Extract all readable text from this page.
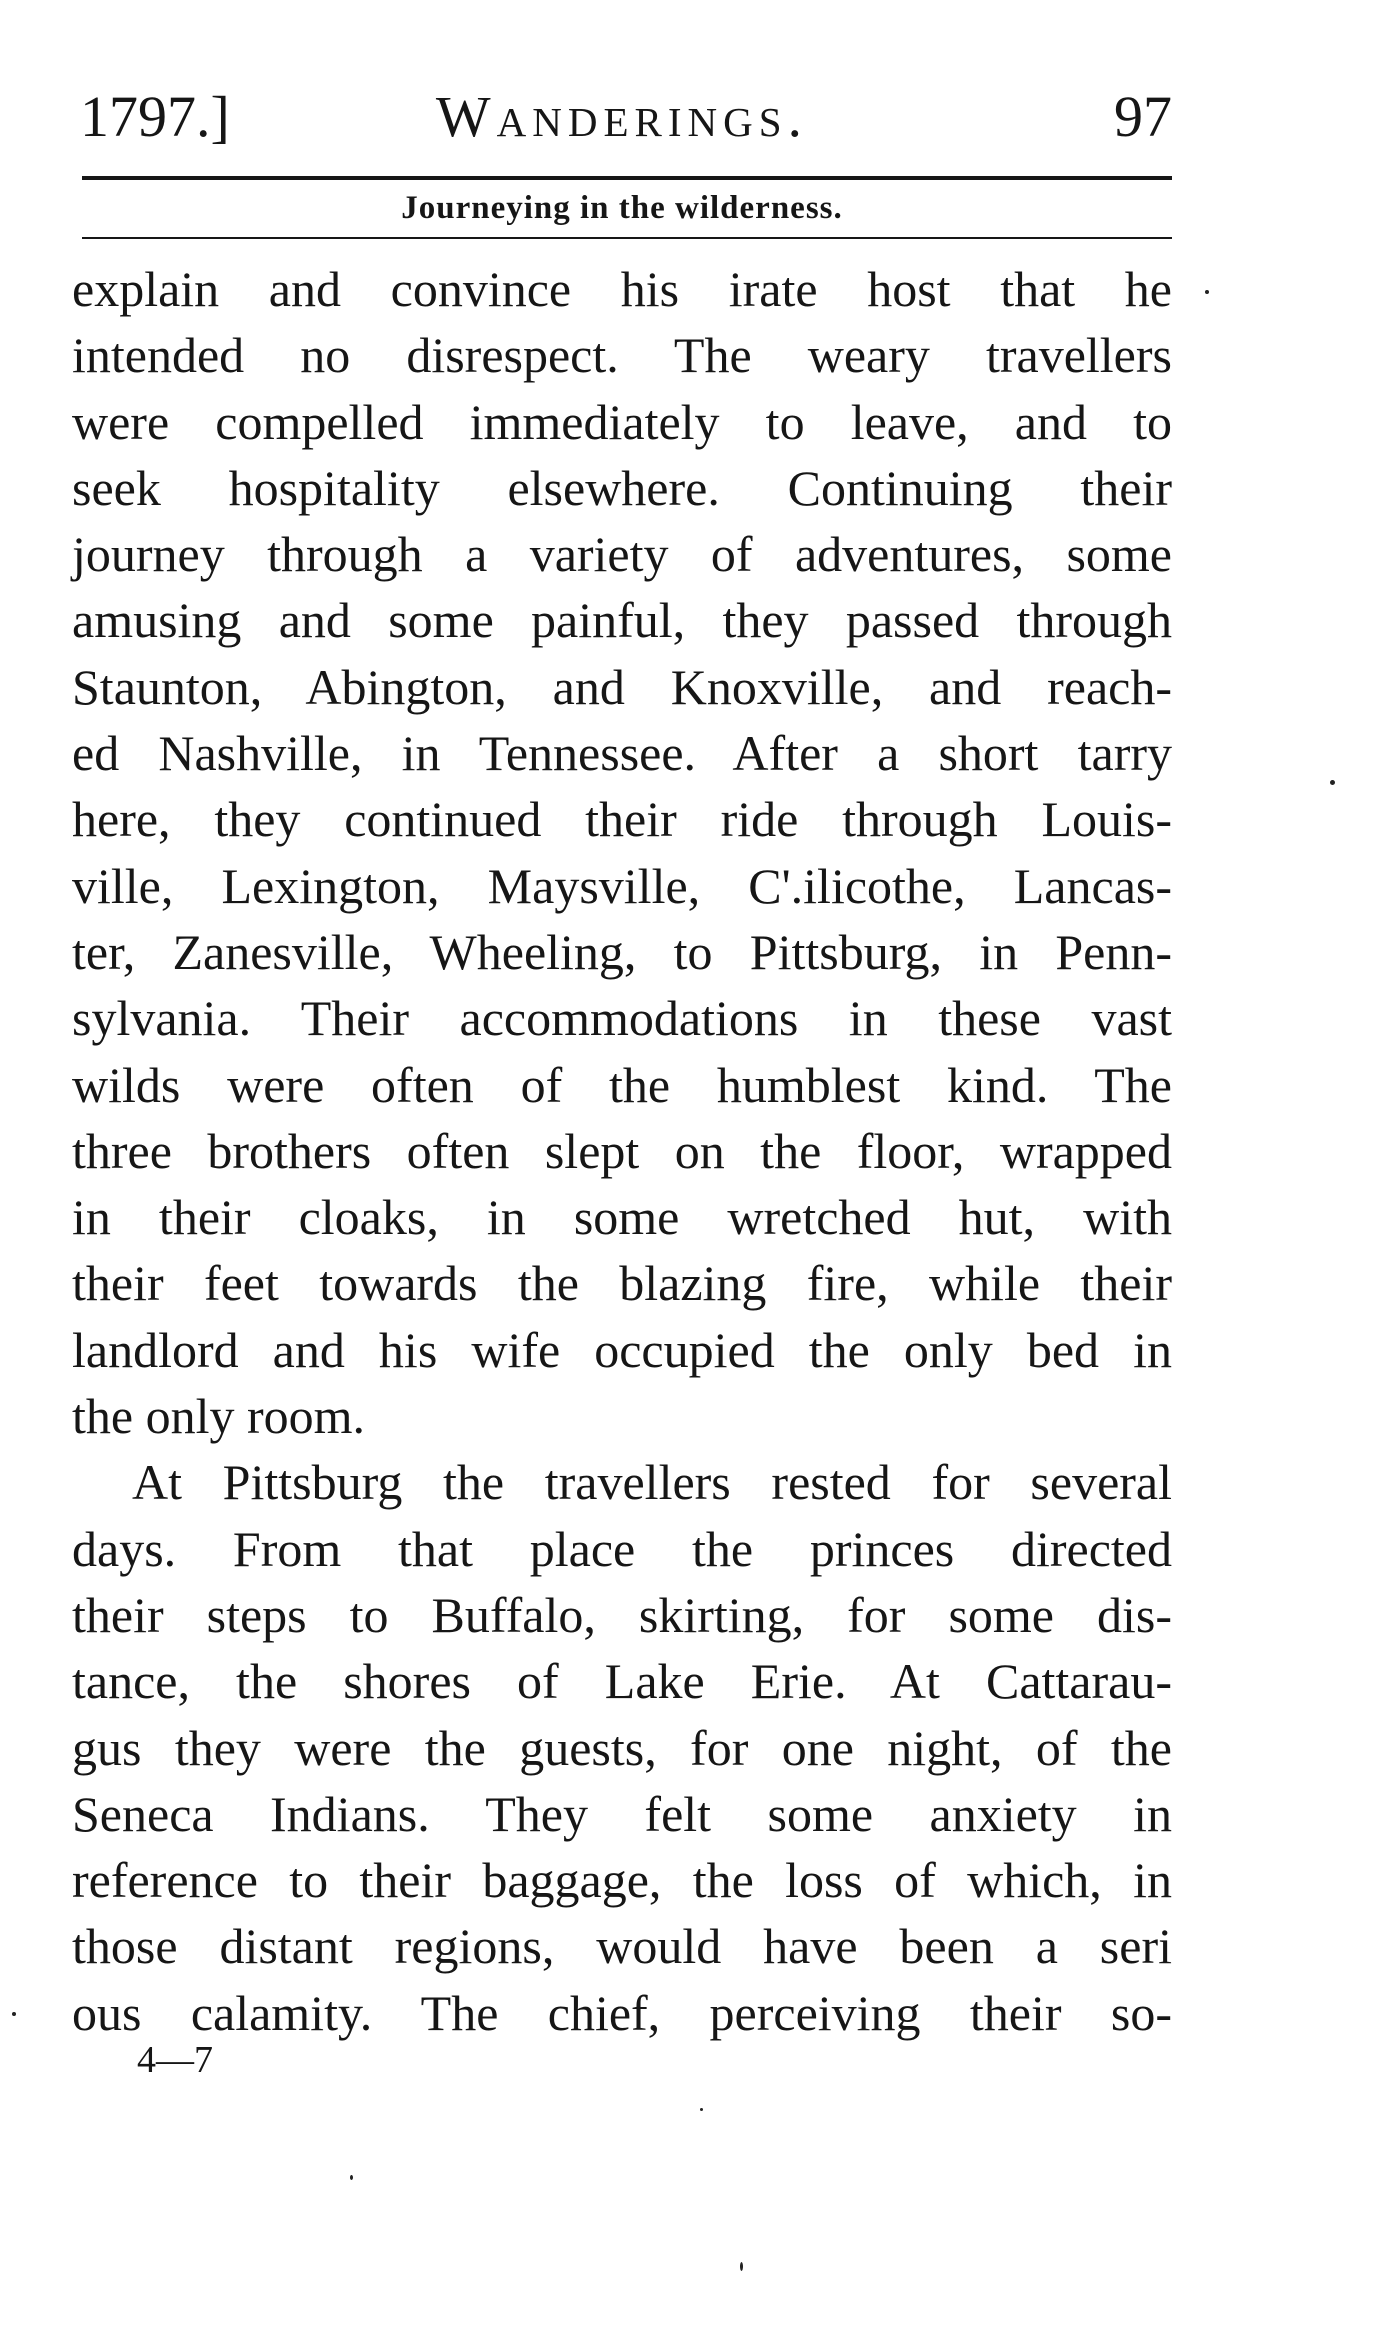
1797.]	Wanderings.	97
Journeying in the wilderness.
explain and convince his irate host that he
intended no disrespect. The weary travellers
were compelled immediately to leave, and to
seek hospitality elsewhere. Continuing their
journey through a variety of adventures, some
amusing and some painful, they passed through
Staunton, Abington, and Knoxville, and reach-
ed Nashville, in Tennessee. After a short tarry
here, they continued their ride through Louis-
ville, Lexington, Maysville, C'.ilicothe, Lancas-
ter, Zanesville, Wheeling, to Pittsburg, in Penn-
sylvania. Their accommodations in these vast
wilds were often of the humblest kind. The
three brothers often slept on the floor, wrapped
in their cloaks, in some wretched hut, with
their feet towards the blazing fire, while their
landlord and his wife occupied the only bed in
the only room.
At Pittsburg the travellers rested for several
days. From that place the princes directed
their steps to Buffalo, skirting, for some dis-
tance, the shores of Lake Erie. At Cattarau-
gus they were the guests, for one night, of the
Seneca Indians. They felt some anxiety in
reference to their baggage, the loss of which, in
those distant regions, would have been a seri
ous calamity. The chief, perceiving their so-
4—7
